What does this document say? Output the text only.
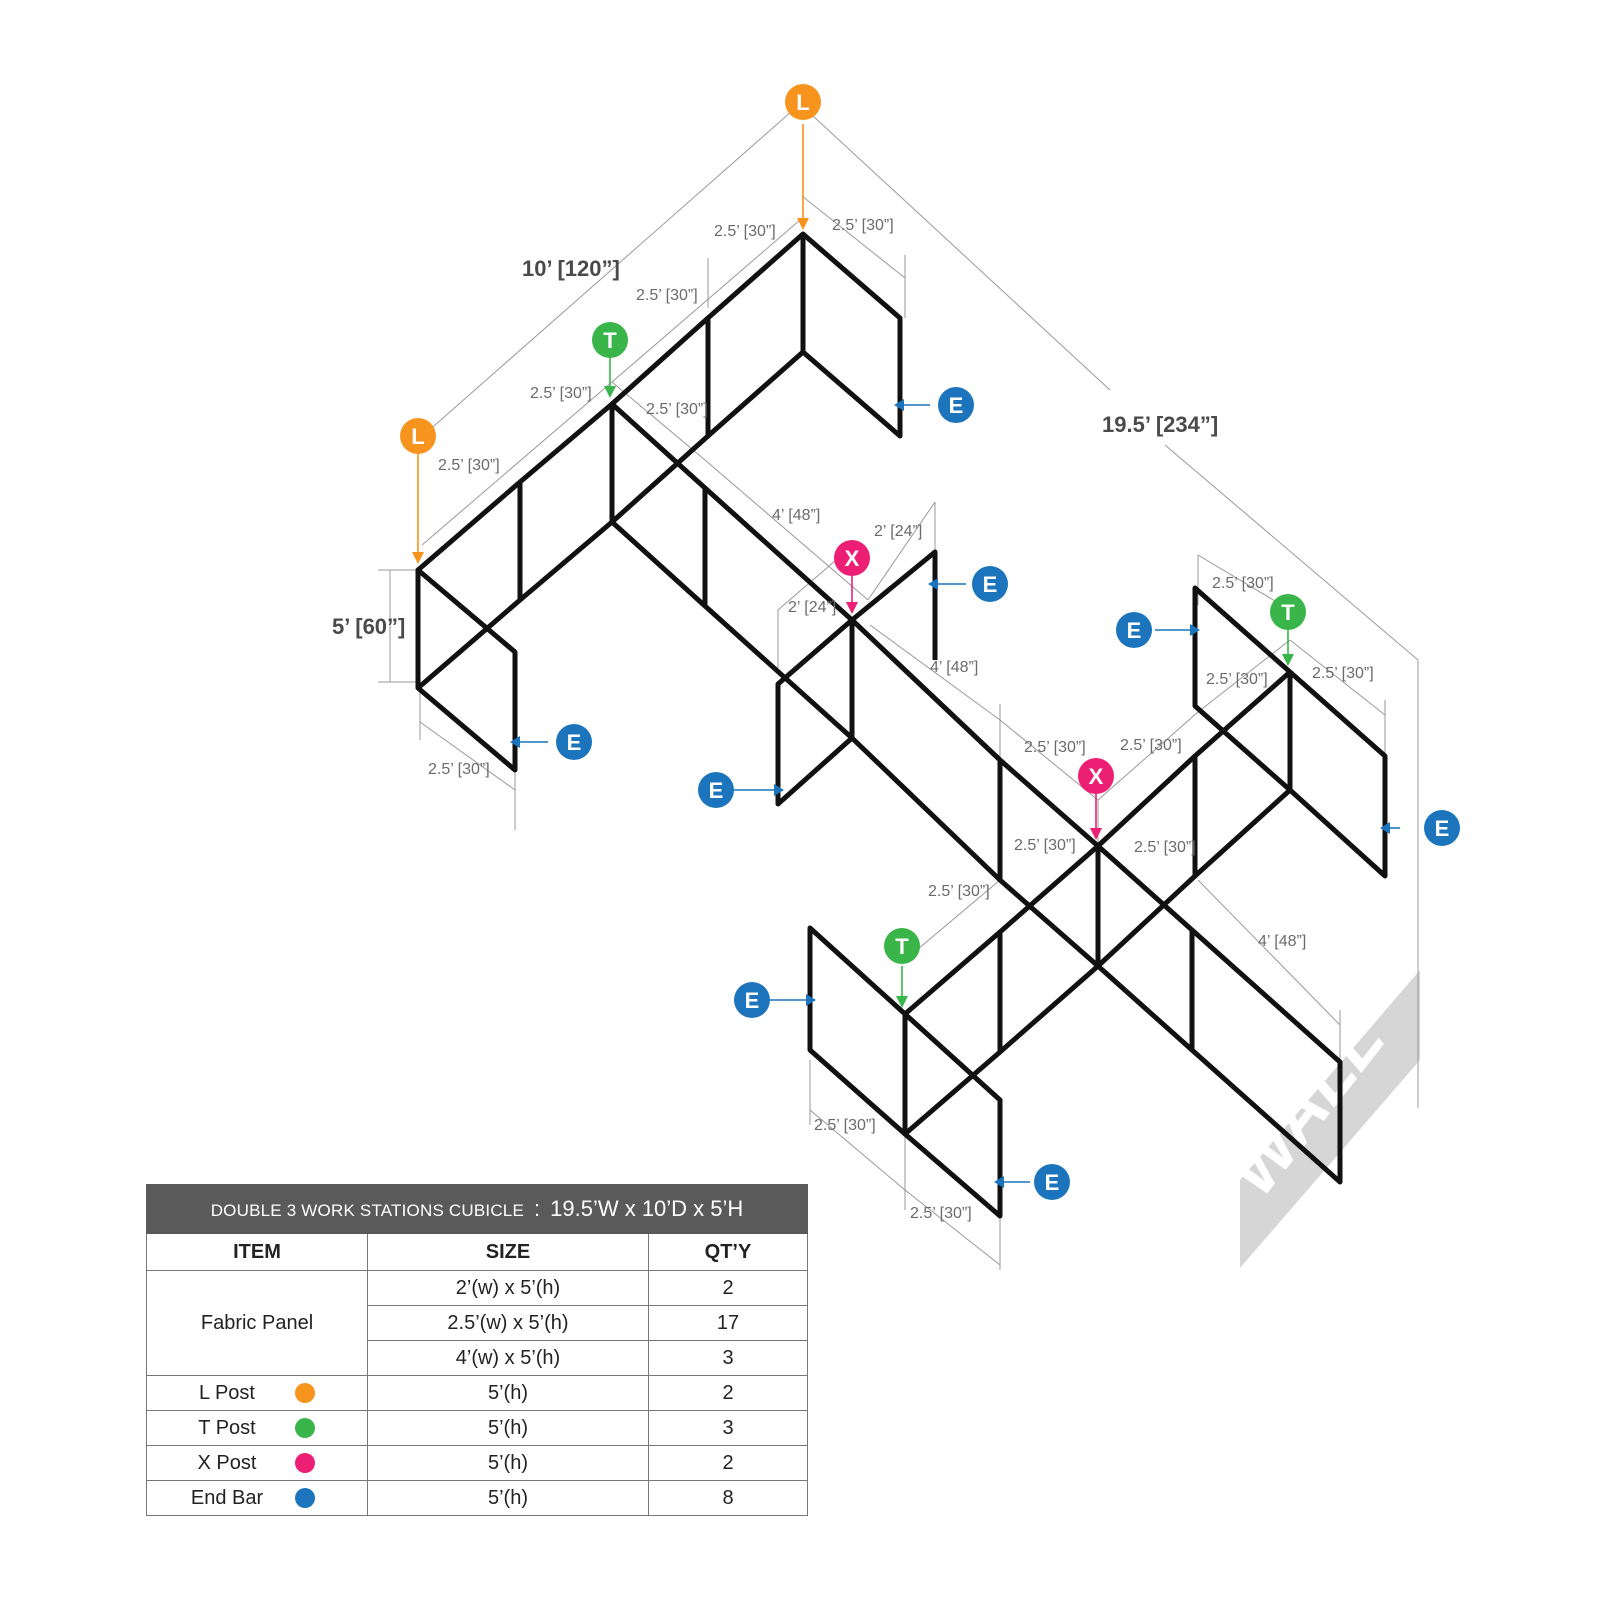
WALL
10’ [120”]
19.5’ [234”]
5’ [60”]
2.5’ [30”]	2.5’ [30”]
2.5’ [30”]
2.5’ [30”]
2.5’ [30”]
2.5’ [30”]
2.5’ [30”]
4’ [48”]
2’ [24”]
2’ [24”]
4’ [48”]
2.5’ [30”] 2.5’ [30”]
2.5’ [30”]
2.5’ [30”]	2.5’ [30”]
2.5’ [30”]	2.5’ [30”]
2.5’ [30”]
4’ [48”]
2.5’ [30”]
2.5’ [30”]
L
L
T
T
T
X
X
E
E
E
E
E
E
E
E
DOUBLE 3 WORK STATIONS CUBICLE : 19.5’W x 10’D x 5’H		
ITEM	SIZE	QT’Y
Fabric Panel	2’(w) x 5’(h)	2
	2.5’(w) x 5’(h)	17
	4’(w) x 5’(h)	3
L Post	5’(h)	2
T Post	5’(h)	3
X Post	5’(h)	2
End Bar	5’(h)	8
